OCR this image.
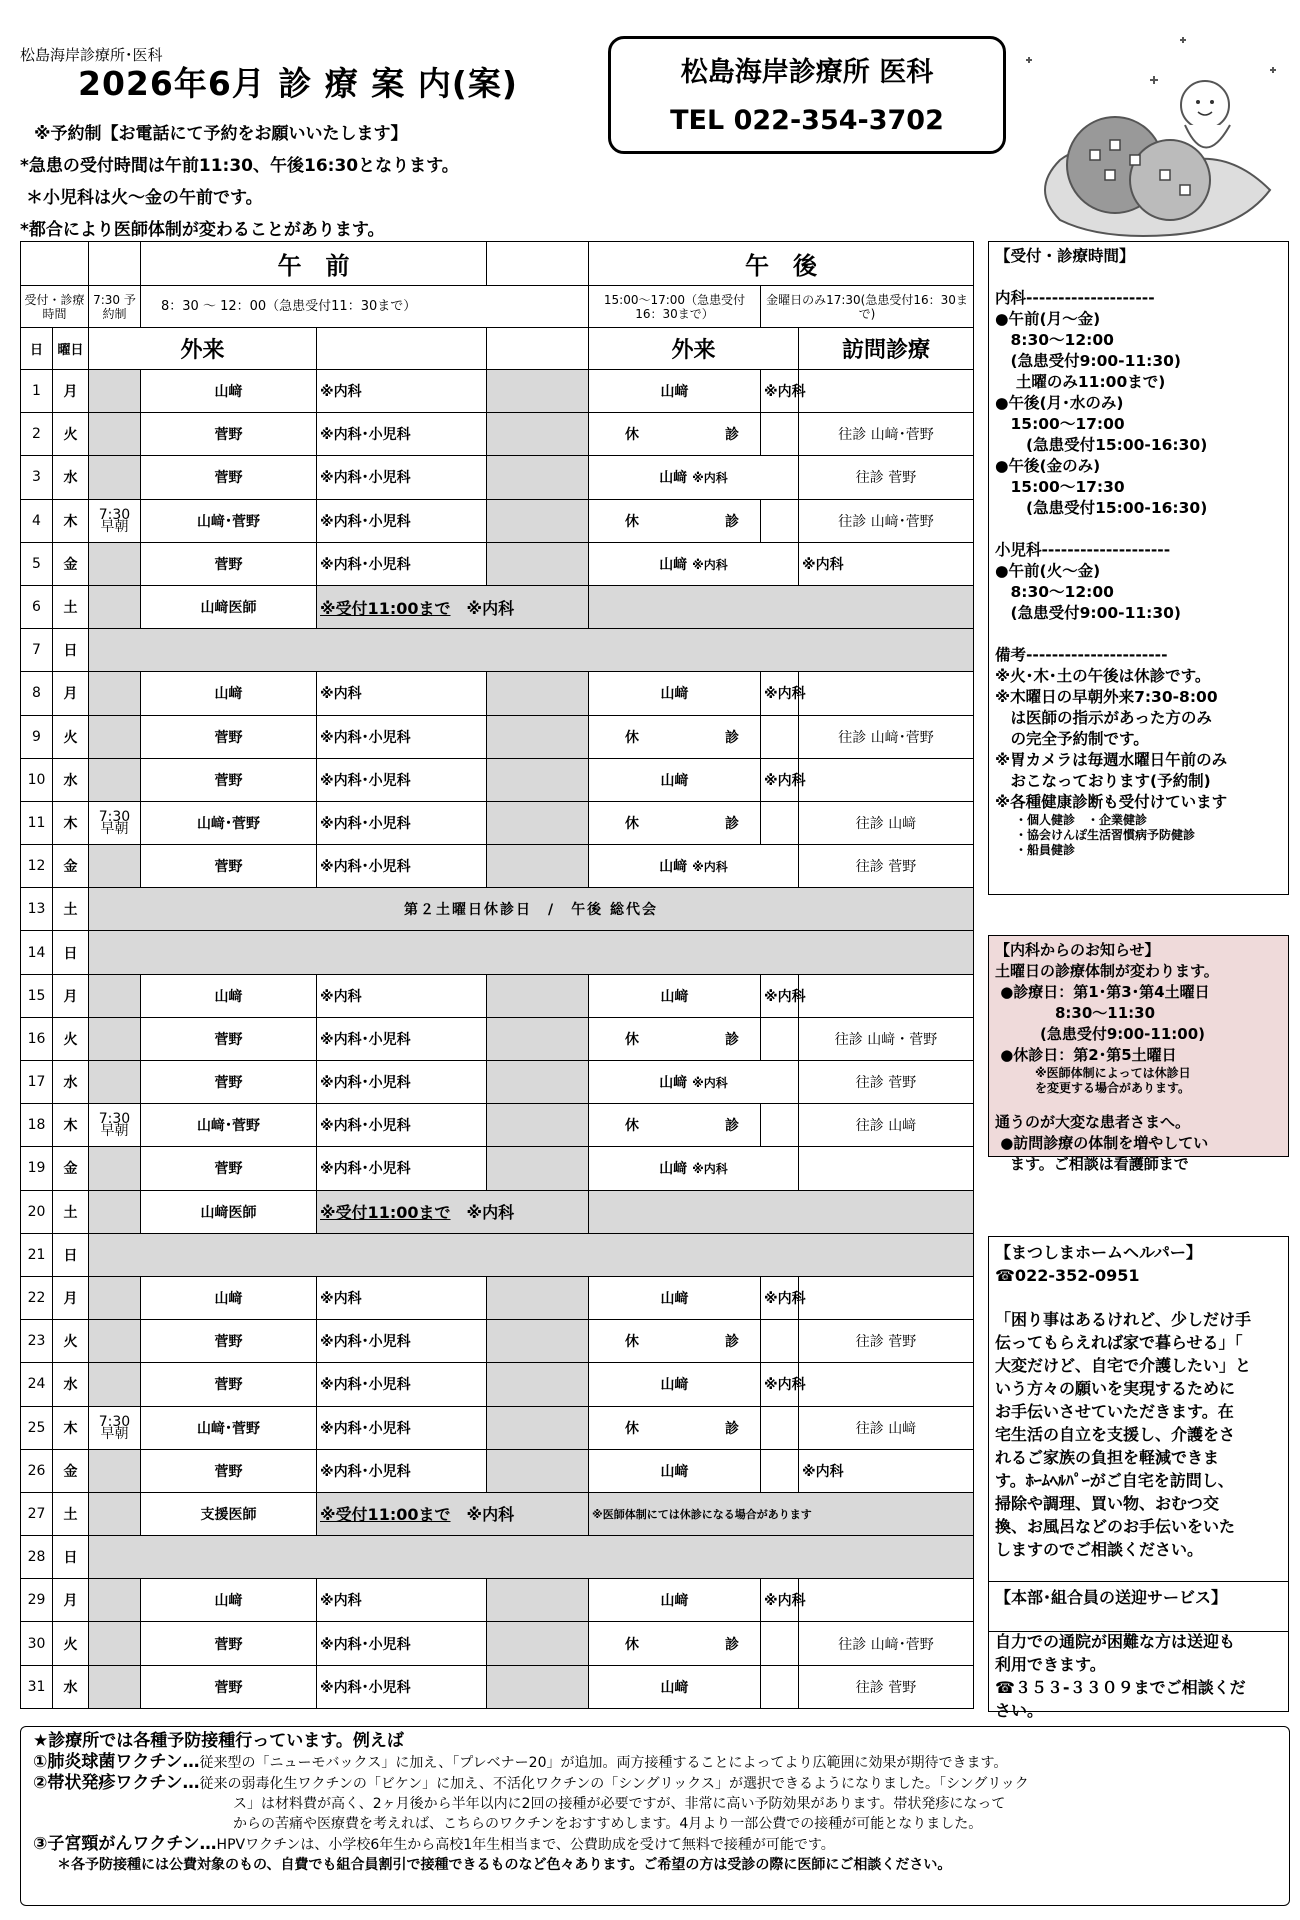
松島海岸診療所･医科
2026年6月 診 療 案 内(案)
※予約制【お電話にて予約をお願いいたします】
*急患の受付時間は午前11:30、午後16:30となります。
＊小児科は火～金の午前です。
*都合により医師体制が変わることがあります。
松島海岸診療所 医科
TEL 022-354-3702
			午　前			午　後		
受付・診療時間		7:30 予約制	8：30 ～ 12：00（急患受付11：30まで）			15:00～17:00（急患受付16：30まで）	金曜日のみ17:30(急患受付16：30まで)	
日	曜日	外来				外来		訪問診療
1	月		山﨑	※内科		山﨑	※内科	
2	火		菅野	※内科･小児科		休　診		往診 山﨑･菅野
3	水		菅野	※内科･小児科		山﨑 ※内科		往診 菅野
4	木	7:30 早朝	山﨑･菅野	※内科･小児科		休　診		往診 山﨑･菅野
5	金		菅野	※内科･小児科		山﨑 ※内科		※内科
6	土		山﨑医師	※受付11:00まで　 ※内科				
7	日							
8	月		山﨑	※内科		山﨑	※内科	
9	火		菅野	※内科･小児科		休　診		往診 山﨑･菅野
10	水		菅野	※内科･小児科		山﨑	※内科	
11	木	7:30 早朝	山﨑･菅野	※内科･小児科		休　診		往診 山﨑
12	金		菅野	※内科･小児科		山﨑 ※内科		往診 菅野
13	土	第２土曜日休診日　/　午後 総代会						
14	日							
15	月		山﨑	※内科		山﨑	※内科	
16	火		菅野	※内科･小児科		休　診		往診 山﨑・菅野
17	水		菅野	※内科･小児科		山﨑 ※内科		往診 菅野
18	木	7:30 早朝	山﨑･菅野	※内科･小児科		休　診		往診 山﨑
19	金		菅野	※内科･小児科		山﨑 ※内科		
20	土		山﨑医師	※受付11:00まで　 ※内科				
21	日							
22	月		山﨑	※内科		山﨑	※内科	
23	火		菅野	※内科･小児科		休　診		往診 菅野
24	水		菅野	※内科･小児科		山﨑	※内科	
25	木	7:30 早朝	山﨑･菅野	※内科･小児科		休　診		往診 山﨑
26	金		菅野	※内科･小児科		山﨑		※内科
27	土		支援医師	※受付11:00まで　 ※内科		※医師体制にては休診になる場合があります		
28	日							
29	月		山﨑	※内科		山﨑	※内科	
30	火		菅野	※内科･小児科		休　診		往診 山﨑･菅野
31	水		菅野	※内科･小児科		山﨑		往診 菅野
【受付・診療時間】
内科--------------------
●午前(月～金)
　8:30～12:00
　(急患受付9:00-11:30)
　 土曜のみ11:00まで)
●午後(月･水のみ)
　15:00～17:00
　　(急患受付15:00-16:30)
●午後(金のみ)
　15:00～17:30
　　(急患受付15:00-16:30)
小児科--------------------
●午前(火～金)
　8:30～12:00
　(急患受付9:00-11:30)
備考----------------------
※火･木･土の午後は休診です。
※木曜日の早朝外来7:30-8:00
　は医師の指示があった方のみ
　の完全予約制です。
※胃カメラは毎週水曜日午前のみ
　おこなっております(予約制)
※各種健康診断も受付けています
・個人健診　・企業健診
・協会けんぽ生活習慣病予防健診
・船員健診
【内科からのお知らせ】
土曜日の診療体制が変わります。
●診療日：第1･第3･第4土曜日
　　　　8:30～11:30
　　　(急患受付9:00-11:00)
●休診日：第2･第5土曜日
※医師体制によっては休診日
を変更する場合があります。
通うのが大変な患者さまへ。
●訪問診療の体制を増やしてい
　ます。ご相談は看護師まで
【まつしまホームヘルパー】
☎022-352-0951
「困り事はあるけれど、少しだけ手
伝ってもらえれば家で暮らせる」「
大変だけど、自宅で介護したい」と
いう方々の願いを実現するために
お手伝いさせていただきます。在
宅生活の自立を支援し、介護をさ
れるご家族の負担を軽減できま
す。ﾎｰﾑﾍﾙﾊﾟｰがご自宅を訪問し、
掃除や調理、買い物、おむつ交
換、お風呂などのお手伝いをいた
しますのでご相談ください。
【本部･組合員の送迎サービス】
自力での通院が困難な方は送迎も
利用できます。
☎３５３-３３０９までご相談くだ
さい。
★診療所では各種予防接種行っています。例えば
①肺炎球菌ワクチン…従来型の「ニューモバックス」に加え、「プレベナー20」が追加。両方接種することによってより広範囲に効果が期待できます。
②帯状発疹ワクチン…従来の弱毒化生ワクチンの「ビケン」に加え、不活化ワクチンの「シングリックス」が選択できるようになりました。「シングリック
ス」は材料費が高く、2ヶ月後から半年以内に2回の接種が必要ですが、非常に高い予防効果があります。帯状発疹になって
からの苦痛や医療費を考えれば、こちらのワクチンをおすすめします。4月より一部公費での接種が可能となりました。
③子宮頸がんワクチン…HPVワクチンは、小学校6年生から高校1年生相当まで、公費助成を受けて無料で接種が可能です。
＊各予防接種には公費対象のもの、自費でも組合員割引で接種できるものなど色々あります。ご希望の方は受診の際に医師にご相談ください。
